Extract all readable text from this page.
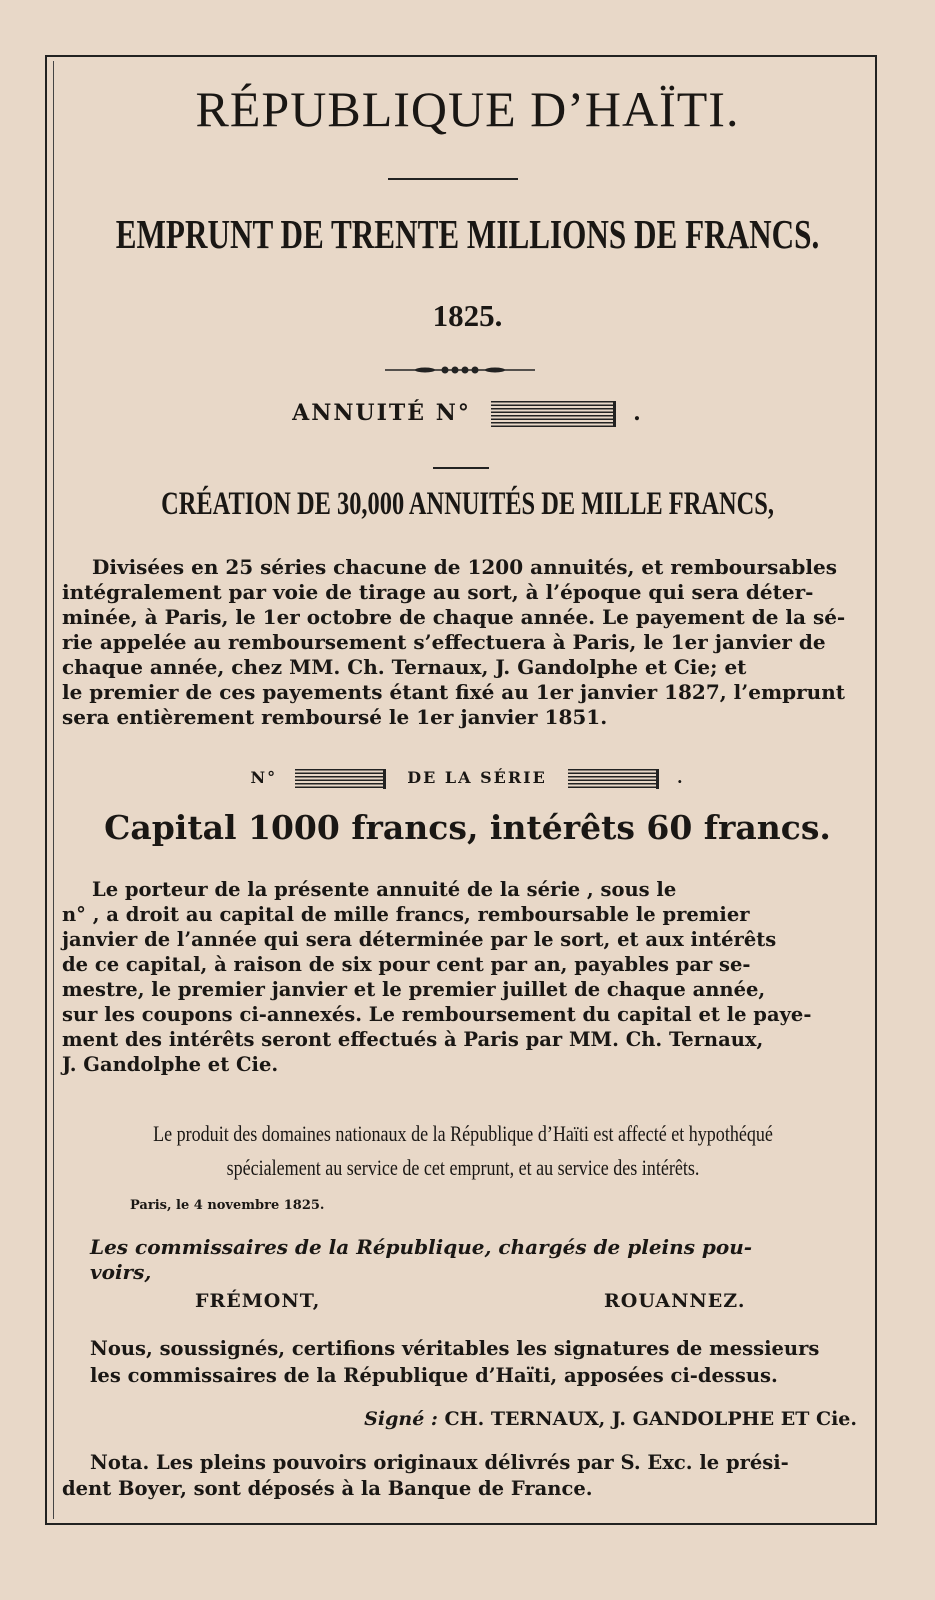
RÉPUBLIQUE D’HAÏTI.
EMPRUNT DE TRENTE MILLIONS DE FRANCS.
1825.
ANNUITÉ N°	.
CRÉATION DE 30,000 ANNUITÉS DE MILLE FRANCS,
Divisées en 25 séries chacune de 1200 annuités, et remboursables
intégralement par voie de tirage au sort, à l’époque qui sera déter-
minée, à Paris, le 1er octobre de chaque année. Le payement de la sé-
rie appelée au remboursement s’effectuera à Paris, le 1er janvier de
chaque année, chez MM. Ch. Ternaux, J. Gandolphe et Cie; et
le premier de ces payements étant fixé au 1er janvier 1827, l’emprunt
sera entièrement remboursé le 1er janvier 1851.
N°	DE LA SÉRIE	.
Capital 1000 francs, intérêts 60 francs.
Le porteur de la présente annuité de la série , sous le
n° , a droit au capital de mille francs, remboursable le premier
janvier de l’année qui sera déterminée par le sort, et aux intérêts
de ce capital, à raison de six pour cent par an, payables par se-
mestre, le premier janvier et le premier juillet de chaque année,
sur les coupons ci-annexés. Le remboursement du capital et le paye-
ment des intérêts seront effectués à Paris par MM. Ch. Ternaux,
J. Gandolphe et Cie.
Le produit des domaines nationaux de la République d’Haïti est affecté et hypothéqué
spécialement au service de cet emprunt, et au service des intérêts.
Paris, le 4 novembre 1825.
Les commissaires de la République, chargés de pleins pou-
voirs,
FRÉMONT,	ROUANNEZ.
Nous, soussignés, certifions véritables les signatures de messieurs
les commissaires de la République d’Haïti, apposées ci-dessus.
Signé : CH. TERNAUX, J. GANDOLPHE ET Cie.
Nota. Les pleins pouvoirs originaux délivrés par S. Exc. le prési-
dent Boyer, sont déposés à la Banque de France.
